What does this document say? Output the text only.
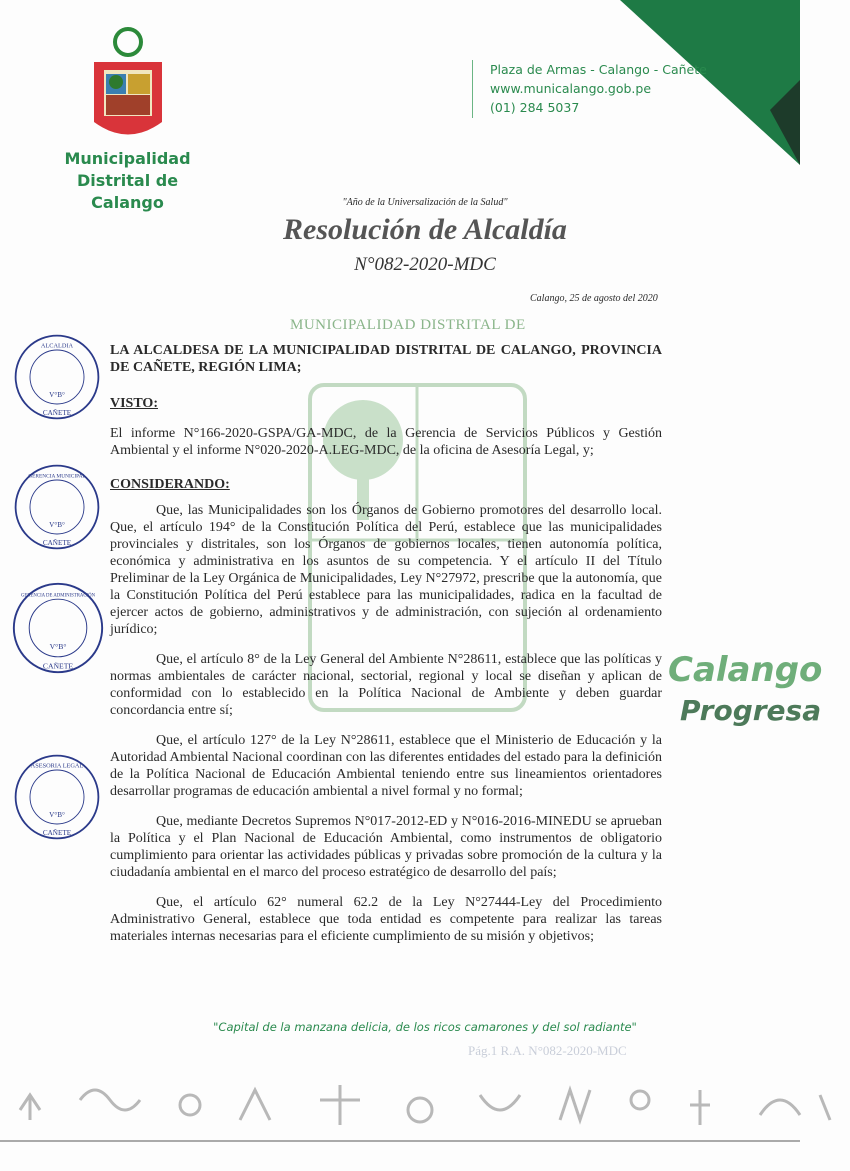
Municipalidad
Distrital de Calango
Plaza de Armas - Calango - Cañete
www.municalango.gob.pe
(01) 284 5037
"Año de la Universalización de la Salud"
Resolución de Alcaldía
N°082-2020-MDC
Calango, 25 de agosto del 2020
MUNICIPALIDAD DISTRITAL DE
Calango
Progresa

LA ALCALDESA DE LA MUNICIPALIDAD DISTRITAL DE CALANGO, PROVINCIA DE CAÑETE, REGIÓN LIMA;

VISTO:

El informe N°166-2020-GSPA/GA-MDC, de la Gerencia de Servicios Públicos y Gestión Ambiental y el informe N°020-2020-A.LEG-MDC, de la oficina de Asesoría Legal, y;

CONSIDERANDO:

Que, las Municipalidades son los Órganos de Gobierno promotores del desarrollo local. Que, el artículo 194° de la Constitución Política del Perú, establece que las municipalidades provinciales y distritales, son los Órganos de gobiernos locales, tienen autonomía política, económica y administrativa en los asuntos de su competencia. Y el artículo II del Título Preliminar de la Ley Orgánica de Municipalidades, Ley N°27972, prescribe que la autonomía, que la Constitución Política del Perú establece para las municipalidades, radica en la facultad de ejercer actos de gobierno, administrativos y de administración, con sujeción al ordenamiento jurídico;

Que, el artículo 8° de la Ley General del Ambiente N°28611, establece que las políticas y normas ambientales de carácter nacional, sectorial, regional y local se diseñan y aplican de conformidad con lo establecido en la Política Nacional de Ambiente y deben guardar concordancia entre sí;

Que, el artículo 127° de la Ley N°28611, establece que el Ministerio de Educación y la Autoridad Ambiental Nacional coordinan con las diferentes entidades del estado para la definición de la Política Nacional de Educación Ambiental teniendo entre sus lineamientos orientadores desarrollar programas de educación ambiental a nivel formal y no formal;

Que, mediante Decretos Supremos N°017-2012-ED y N°016-2016-MINEDU se aprueban la Política y el Plan Nacional de Educación Ambiental, como instrumentos de obligatorio cumplimiento para orientar las actividades públicas y privadas sobre promoción de la cultura y la ciudadanía ambiental en el marco del proceso estratégico de desarrollo del país;

Que, el artículo 62° numeral 62.2 de la Ley N°27444-Ley del Procedimiento Administrativo General, establece que toda entidad es competente para realizar las tareas materiales internas necesarias para el eficiente cumplimiento de su misión y objetivos;

ALCALDIA
V°B°
CAÑETE
GERENCIA MUNICIPAL
V°B°
CAÑETE
GERENCIA DE ADMINISTRACIÓN
V°B°
CAÑETE
ASESORIA LEGAL
V°B°
CAÑETE
"Capital de la manzana delicia, de los ricos camarones y del sol radiante"
Pág.1 R.A. N°082-2020-MDC
